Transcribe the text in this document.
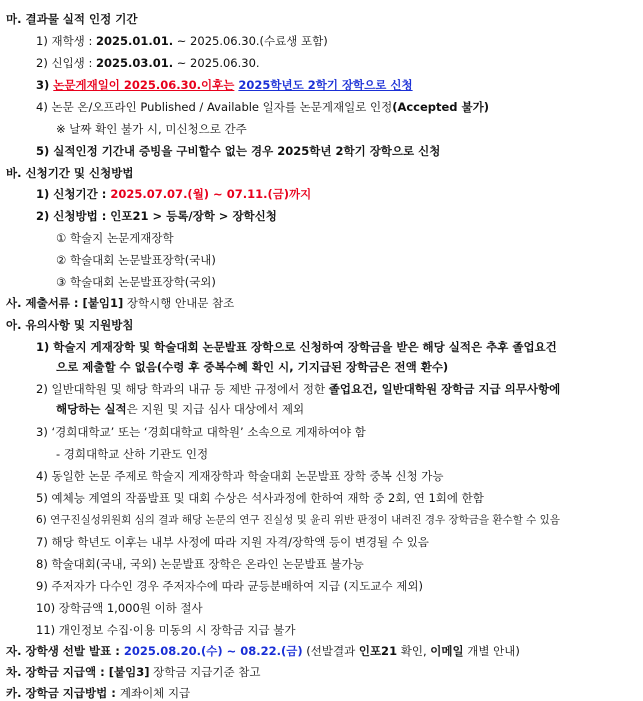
마. 결과물 실적 인정 기간
1) 재학생 : 2025.01.01. ~ 2025.06.30.(수료생 포함)
2) 신입생 : 2025.03.01. ~ 2025.06.30.
3) 논문게재일이 2025.06.30.이후는 2025학년도 2학기 장학으로 신청
4) 논문 온/오프라인 Published / Available 일자를 논문게재일로 인정(Accepted 불가)
※ 날짜 확인 불가 시, 미신청으로 간주
5) 실적인정 기간내 증빙을 구비할수 없는 경우 2025학년 2학기 장학으로 신청
바. 신청기간 및 신청방법
1) 신청기간 : 2025.07.07.(월) ~ 07.11.(금)까지
2) 신청방법 : 인포21 > 등록/장학 > 장학신청
① 학술지 논문게재장학
② 학술대회 논문발표장학(국내)
③ 학술대회 논문발표장학(국외)
사. 제출서류 : [붙임1] 장학시행 안내문 참조
아. 유의사항 및 지원방침
1) 학술지 게재장학 및 학술대회 논문발표 장학으로 신청하여 장학금을 받은 해당 실적은 추후 졸업요건
으로 제출할 수 없음(수령 후 중복수혜 확인 시, 기지급된 장학금은 전액 환수)
2) 일반대학원 및 해당 학과의 내규 등 제반 규정에서 정한 졸업요건, 일반대학원 장학금 지급 의무사항에
해당하는 실적은 지원 및 지급 심사 대상에서 제외
3) ‘경희대학교’ 또는 ‘경희대학교 대학원’ 소속으로 게재하여야 함
- 경희대학교 산하 기관도 인정
4) 동일한 논문 주제로 학술지 게재장학과 학술대회 논문발표 장학 중복 신청 가능
5) 예체능 계열의 작품발표 및 대회 수상은 석사과정에 한하여 재학 중 2회, 연 1회에 한함
6) 연구진실성위원회 심의 결과 해당 논문의 연구 진실성 및 윤리 위반 판정이 내려진 경우 장학금을 환수할 수 있음
7) 해당 학년도 이후는 내부 사정에 따라 지원 자격/장학액 등이 변경될 수 있음
8) 학술대회(국내, 국외) 논문발표 장학은 온라인 논문발표 불가능
9) 주저자가 다수인 경우 주저자수에 따라 균등분배하여 지급 (지도교수 제외)
10) 장학금액 1,000원 이하 절사
11) 개인정보 수집·이용 미동의 시 장학금 지급 불가
자. 장학생 선발 발표 : 2025.08.20.(수) ~ 08.22.(금) (선발결과 인포21 확인, 이메일 개별 안내)
차. 장학금 지급액 : [붙임3] 장학금 지급기준 참고
카. 장학금 지급방법 : 계좌이체 지급
